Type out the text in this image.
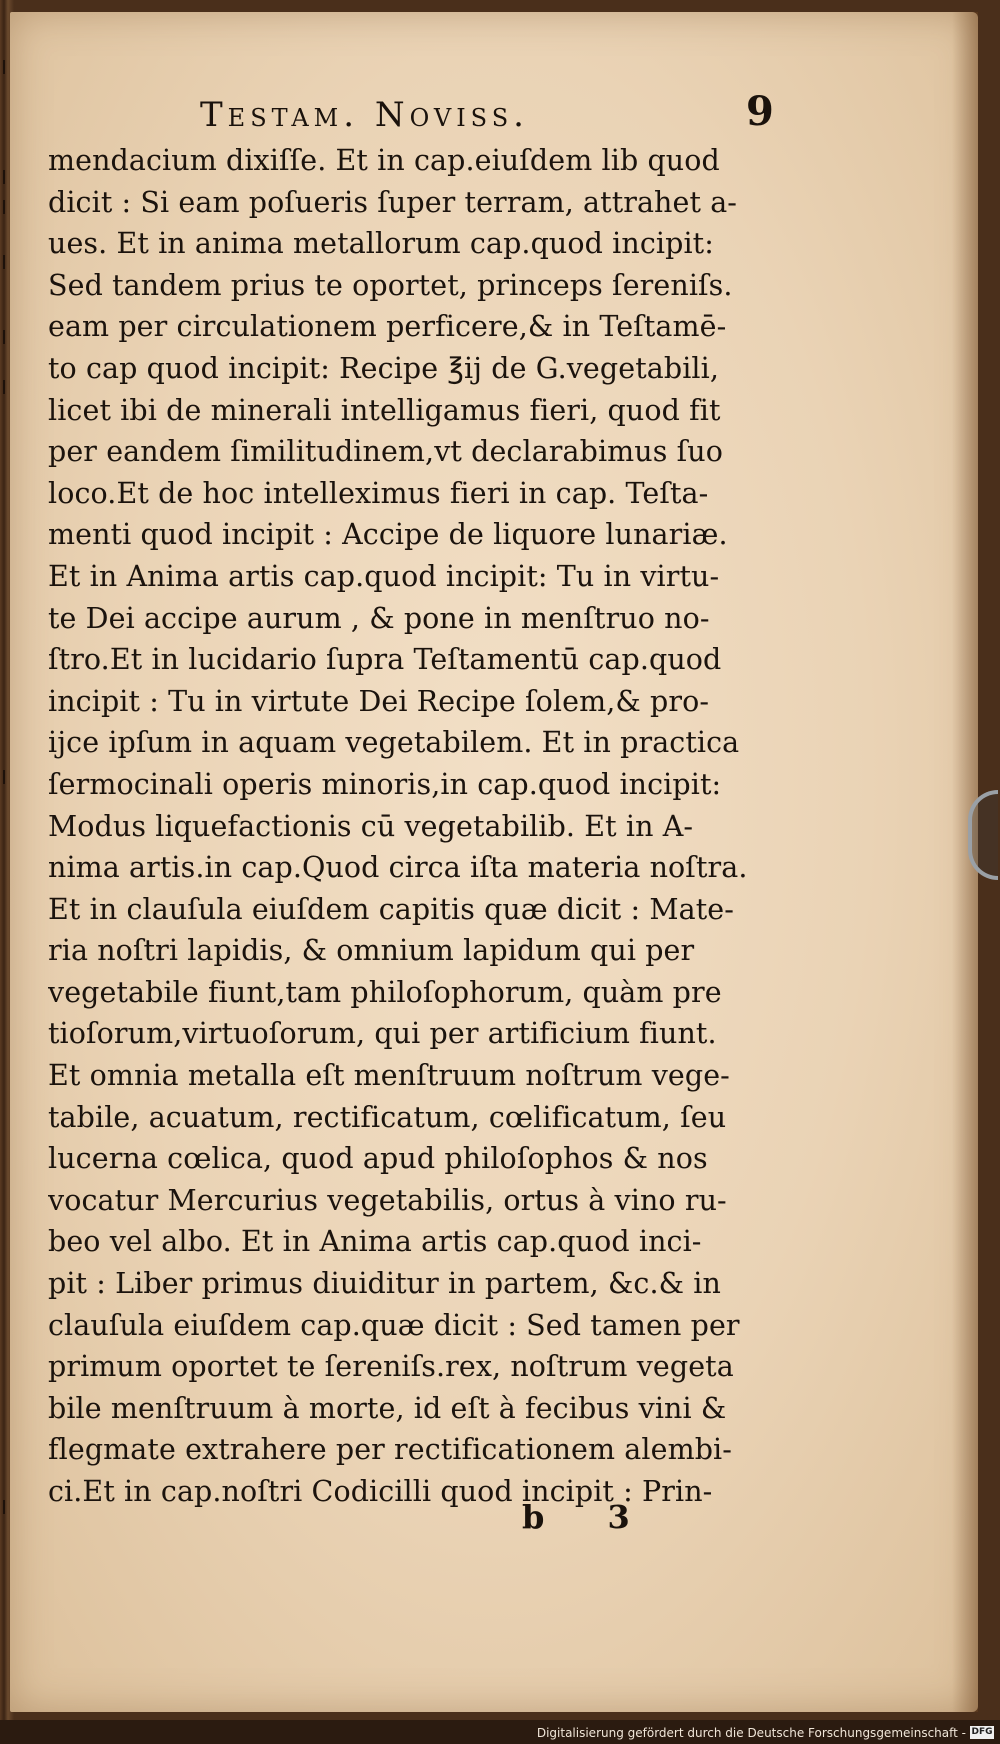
Testam. Noviss.	9
mendacium dixiſſe. Et in cap.eiuſdem lib quod
dicit : Si eam poſueris ſuper terram, attrahet a-
ues. Et in anima metallorum cap.quod incipit:
Sed tandem prius te oportet, princeps ſereniſs.
eam per circulationem perficere,& in Teſtamē-
to cap quod incipit: Recipe ℥ij de G.vegetabili,
licet ibi de minerali intelligamus fieri, quod fit
per eandem ſimilitudinem,vt declarabimus ſuo
loco.Et de hoc intelleximus fieri in cap. Teſta-
menti quod incipit : Accipe de liquore lunariæ.
Et in Anima artis cap.quod incipit: Tu in virtu-
te Dei accipe aurum , & pone in menſtruo no-
ſtro.Et in lucidario ſupra Teſtamentū cap.quod
incipit : Tu in virtute Dei Recipe ſolem,& pro-
ijce ipſum in aquam vegetabilem. Et in practica
ſermocinali operis minoris,in cap.quod incipit:
Modus liquefactionis cū vegetabilib. Et in A-
nima artis.in cap.Quod circa iſta materia noſtra.
Et in clauſula eiuſdem capitis quæ dicit : Mate-
ria noſtri lapidis, & omnium lapidum qui per
vegetabile fiunt,tam philoſophorum, quàm pre
tioſorum,virtuoſorum, qui per artificium fiunt.
Et omnia metalla eſt menſtruum noſtrum vege-
tabile, acuatum, rectificatum, cœlificatum, ſeu
lucerna cœlica, quod apud philoſophos & nos
vocatur Mercurius vegetabilis, ortus à vino ru-
beo vel albo. Et in Anima artis cap.quod inci-
pit : Liber primus diuiditur in partem, &c.& in
clauſula eiuſdem cap.quæ dicit : Sed tamen per
primum oportet te ſereniſs.rex, noſtrum vegeta
bile menſtruum à morte, id eſt à fecibus vini &
flegmate extrahere per rectificationem alembi-
ci.Et in cap.noſtri Codicilli quod incipit : Prin-
b 3
Digitalisierung gefördert durch die Deutsche Forschungsgemeinschaft - DFG
